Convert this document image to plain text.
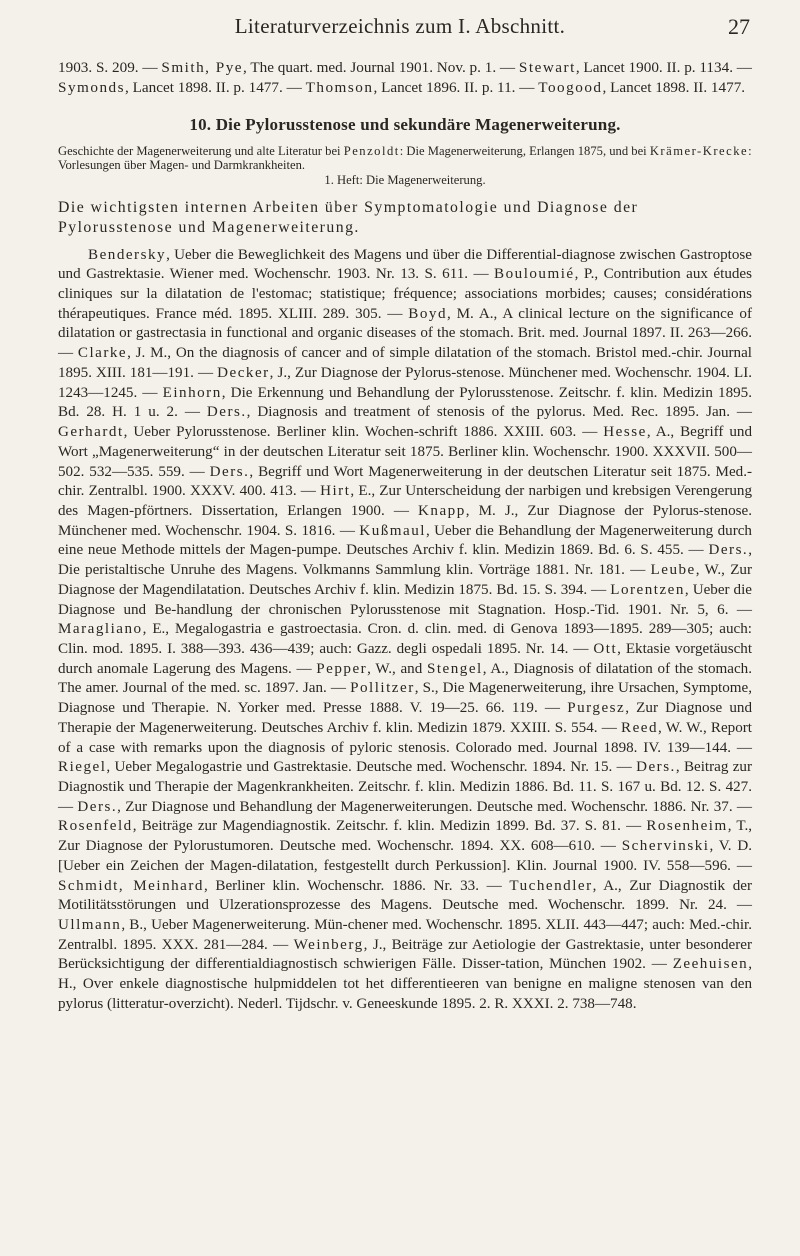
Literaturverzeichnis zum I. Abschnitt.	27

1903. S. 209. — Smith, Pye, The quart. med. Journal 1901. Nov. p. 1. — Stewart, Lancet 1900. II. p. 1134. — Symonds, Lancet 1898. II. p. 1477. — Thomson, Lancet 1896. II. p. 11. — Toogood, Lancet 1898. II. 1477.

10. Die Pylorusstenose und sekundäre Magenerweiterung.

Geschichte der Magenerweiterung und alte Literatur bei Penzoldt: Die Magenerweiterung, Erlangen 1875, und bei Krämer-Krecke: Vorlesungen über Magen- und Darmkrankheiten.
1. Heft: Die Magenerweiterung.

Die wichtigsten internen Arbeiten über Symptomatologie und Diagnose der Pylorusstenose und Magenerweiterung.

Bendersky, Ueber die Beweglichkeit des Magens und über die Differential-diagnose zwischen Gastroptose und Gastrektasie. Wiener med. Wochenschr. 1903. Nr. 13. S. 611. — Bouloumié, P., Contribution aux études cliniques sur la dilatation de l'estomac; statistique; fréquence; associations morbides; causes; considérations thérapeutiques. France méd. 1895. XLIII. 289. 305. — Boyd, M. A., A clinical lecture on the significance of dilatation or gastrectasia in functional and organic diseases of the stomach. Brit. med. Journal 1897. II. 263—266. — Clarke, J. M., On the diagnosis of cancer and of simple dilatation of the stomach. Bristol med.-chir. Journal 1895. XIII. 181—191. — Decker, J., Zur Diagnose der Pylorus-stenose. Münchener med. Wochenschr. 1904. LI. 1243—1245. — Einhorn, Die Erkennung und Behandlung der Pylorusstenose. Zeitschr. f. klin. Medizin 1895. Bd. 28. H. 1 u. 2. — Ders., Diagnosis and treatment of stenosis of the pylorus. Med. Rec. 1895. Jan. — Gerhardt, Ueber Pylorusstenose. Berliner klin. Wochen-schrift 1886. XXIII. 603. — Hesse, A., Begriff und Wort „Magenerweiterung“ in der deutschen Literatur seit 1875. Berliner klin. Wochenschr. 1900. XXXVII. 500—502. 532—535. 559. — Ders., Begriff und Wort Magenerweiterung in der deutschen Literatur seit 1875. Med.-chir. Zentralbl. 1900. XXXV. 400. 413. — Hirt, E., Zur Unterscheidung der narbigen und krebsigen Verengerung des Magen-pförtners. Dissertation, Erlangen 1900. — Knapp, M. J., Zur Diagnose der Pylorus-stenose. Münchener med. Wochenschr. 1904. S. 1816. — Kußmaul, Ueber die Behandlung der Magenerweiterung durch eine neue Methode mittels der Magen-pumpe. Deutsches Archiv f. klin. Medizin 1869. Bd. 6. S. 455. — Ders., Die peristaltische Unruhe des Magens. Volkmanns Sammlung klin. Vorträge 1881. Nr. 181. — Leube, W., Zur Diagnose der Magendilatation. Deutsches Archiv f. klin. Medizin 1875. Bd. 15. S. 394. — Lorentzen, Ueber die Diagnose und Be-handlung der chronischen Pylorusstenose mit Stagnation. Hosp.-Tid. 1901. Nr. 5, 6. — Maragliano, E., Megalogastria e gastroectasia. Cron. d. clin. med. di Genova 1893—1895. 289—305; auch: Clin. mod. 1895. I. 388—393. 436—439; auch: Gazz. degli ospedali 1895. Nr. 14. — Ott, Ektasie vorgetäuscht durch anomale Lagerung des Magens. — Pepper, W., and Stengel, A., Diagnosis of dilatation of the stomach. The amer. Journal of the med. sc. 1897. Jan. — Pollitzer, S., Die Magenerweiterung, ihre Ursachen, Symptome, Diagnose und Therapie. N. Yorker med. Presse 1888. V. 19—25. 66. 119. — Purgesz, Zur Diagnose und Therapie der Magenerweiterung. Deutsches Archiv f. klin. Medizin 1879. XXIII. S. 554. — Reed, W. W., Report of a case with remarks upon the diagnosis of pyloric stenosis. Colorado med. Journal 1898. IV. 139—144. — Riegel, Ueber Megalogastrie und Gastrektasie. Deutsche med. Wochenschr. 1894. Nr. 15. — Ders., Beitrag zur Diagnostik und Therapie der Magenkrankheiten. Zeitschr. f. klin. Medizin 1886. Bd. 11. S. 167 u. Bd. 12. S. 427. — Ders., Zur Diagnose und Behandlung der Magenerweiterungen. Deutsche med. Wochenschr. 1886. Nr. 37. — Rosenfeld, Beiträge zur Magendiagnostik. Zeitschr. f. klin. Medizin 1899. Bd. 37. S. 81. — Rosenheim, T., Zur Diagnose der Pylorustumoren. Deutsche med. Wochenschr. 1894. XX. 608—610. — Schervinski, V. D. [Ueber ein Zeichen der Magen-dilatation, festgestellt durch Perkussion]. Klin. Journal 1900. IV. 558—596. — Schmidt, Meinhard, Berliner klin. Wochenschr. 1886. Nr. 33. — Tuchendler, A., Zur Diagnostik der Motilitätsstörungen und Ulzerationsprozesse des Magens. Deutsche med. Wochenschr. 1899. Nr. 24. — Ullmann, B., Ueber Magenerweiterung. Mün-chener med. Wochenschr. 1895. XLII. 443—447; auch: Med.-chir. Zentralbl. 1895. XXX. 281—284. — Weinberg, J., Beiträge zur Aetiologie der Gastrektasie, unter besonderer Berücksichtigung der differentialdiagnostisch schwierigen Fälle. Disser-tation, München 1902. — Zeehuisen, H., Over enkele diagnostische hulpmiddelen tot het differentieeren van benigne en maligne stenosen van den pylorus (litteratur-overzicht). Nederl. Tijdschr. v. Geneeskunde 1895. 2. R. XXXI. 2. 738—748.
